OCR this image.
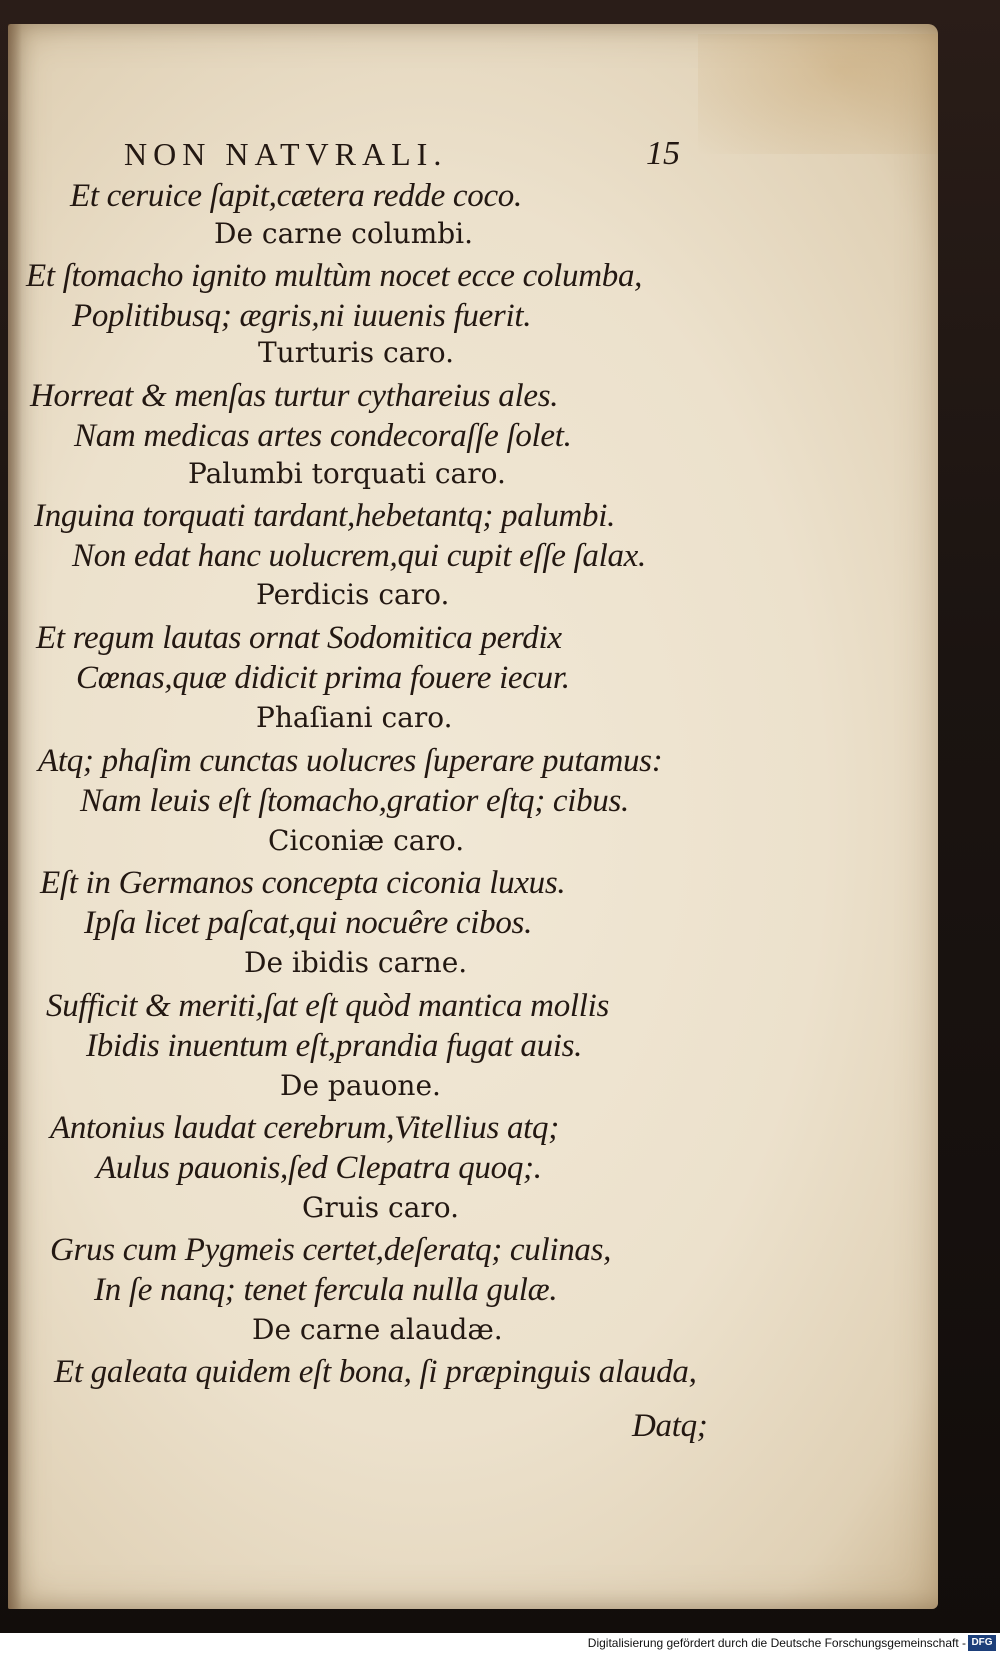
NON NATVRALI.	15
Et ceruice ſapit,cætera redde coco.
De carne columbi.
Et ſtomacho ignito multùm nocet ecce columba,
Poplitibusq; ægris,ni iuuenis fuerit.
Turturis caro.
Horreat & menſas turtur cythareius ales.
Nam medicas artes condecoraſſe ſolet.
Palumbi torquati caro.
Inguina torquati tardant,hebetantq; palumbi.
Non edat hanc uolucrem,qui cupit eſſe ſalax.
Perdicis caro.
Et regum lautas ornat Sodomitica perdix
Cœnas,quæ didicit prima fouere iecur.
Phaſiani caro.
Atq; phaſim cunctas uolucres ſuperare putamus:
Nam leuis eſt ſtomacho,gratior eſtq; cibus.
Ciconiæ caro.
Eſt in Germanos concepta ciconia luxus.
Ipſa licet paſcat,qui nocuêre cibos.
De ibidis carne.
Sufficit & meriti,ſat eſt quòd mantica mollis
Ibidis inuentum eſt,prandia fugat auis.
De pauone.
Antonius laudat cerebrum,Vitellius atq;
Aulus pauonis,ſed Clepatra quoq;.
Gruis caro.
Grus cum Pygmeis certet,deſeratq; culinas,
In ſe nanq; tenet fercula nulla gulæ.
De carne alaudæ.
Et galeata quidem eſt bona, ſi præpinguis alauda,
Datq;
Digitalisierung gefördert durch die Deutsche Forschungsgemeinschaft - DFG
